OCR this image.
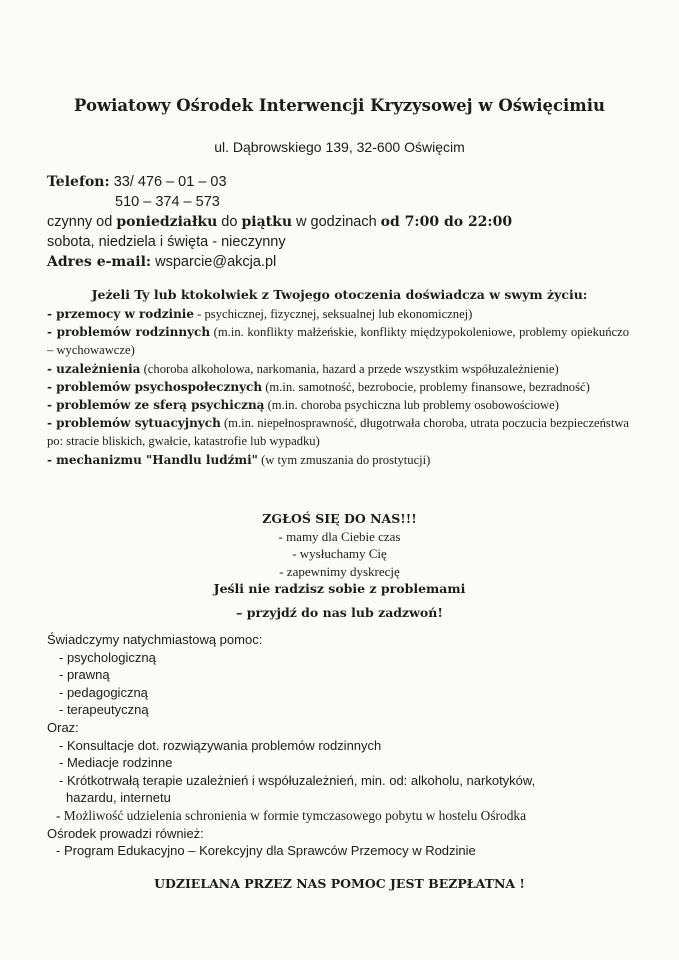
Powiatowy Ośrodek Interwencji Kryzysowej w Oświęcimiu
ul. Dąbrowskiego 139, 32-600 Oświęcim
Telefon: 33/ 476 – 01 – 03
510 – 374 – 573
czynny od poniedziałku do piątku w godzinach od 7:00 do 22:00
sobota, niedziela i święta - nieczynny
Adres e-mail: wsparcie@akcja.pl
Jeżeli Ty lub ktokolwiek z Twojego otoczenia doświadcza w swym życiu:
- przemocy w rodzinie - psychicznej, fizycznej, seksualnej lub ekonomicznej)
- problemów rodzinnych (m.in. konflikty małżeńskie, konflikty międzypokoleniowe, problemy opiekuńczo – wychowawcze)
- uzależnienia (choroba alkoholowa, narkomania, hazard a przede wszystkim współuzależnienie)
- problemów psychospołecznych (m.in. samotność, bezrobocie, problemy finansowe, bezradność)
- problemów ze sferą psychiczną (m.in. choroba psychiczna lub problemy osobowościowe)
- problemów sytuacyjnych (m.in. niepełnosprawność, długotrwała choroba, utrata poczucia bezpieczeństwa po: stracie bliskich, gwałcie, katastrofie lub wypadku)
- mechanizmu "Handlu ludźmi" (w tym zmuszania do prostytucji)
ZGŁOŚ SIĘ DO NAS!!!
- mamy dla Ciebie czas
- wysłuchamy Cię
- zapewnimy dyskrecję
Jeśli nie radzisz sobie z problemami
– przyjdź do nas lub zadzwoń!
Świadczymy natychmiastową pomoc:
- psychologiczną
- prawną
- pedagogiczną
- terapeutyczną
Oraz:
- Konsultacje dot. rozwiązywania problemów rodzinnych
- Mediacje rodzinne
- Krótkotrwałą terapie uzależnień i współuzależnień, min. od: alkoholu, narkotyków,
hazardu, internetu
- Możliwość udzielenia schronienia w formie tymczasowego pobytu w hostelu Ośrodka
Ośrodek prowadzi również:
- Program Edukacyjno – Korekcyjny dla Sprawców Przemocy w Rodzinie
UDZIELANA PRZEZ NAS POMOC JEST BEZPŁATNA !
